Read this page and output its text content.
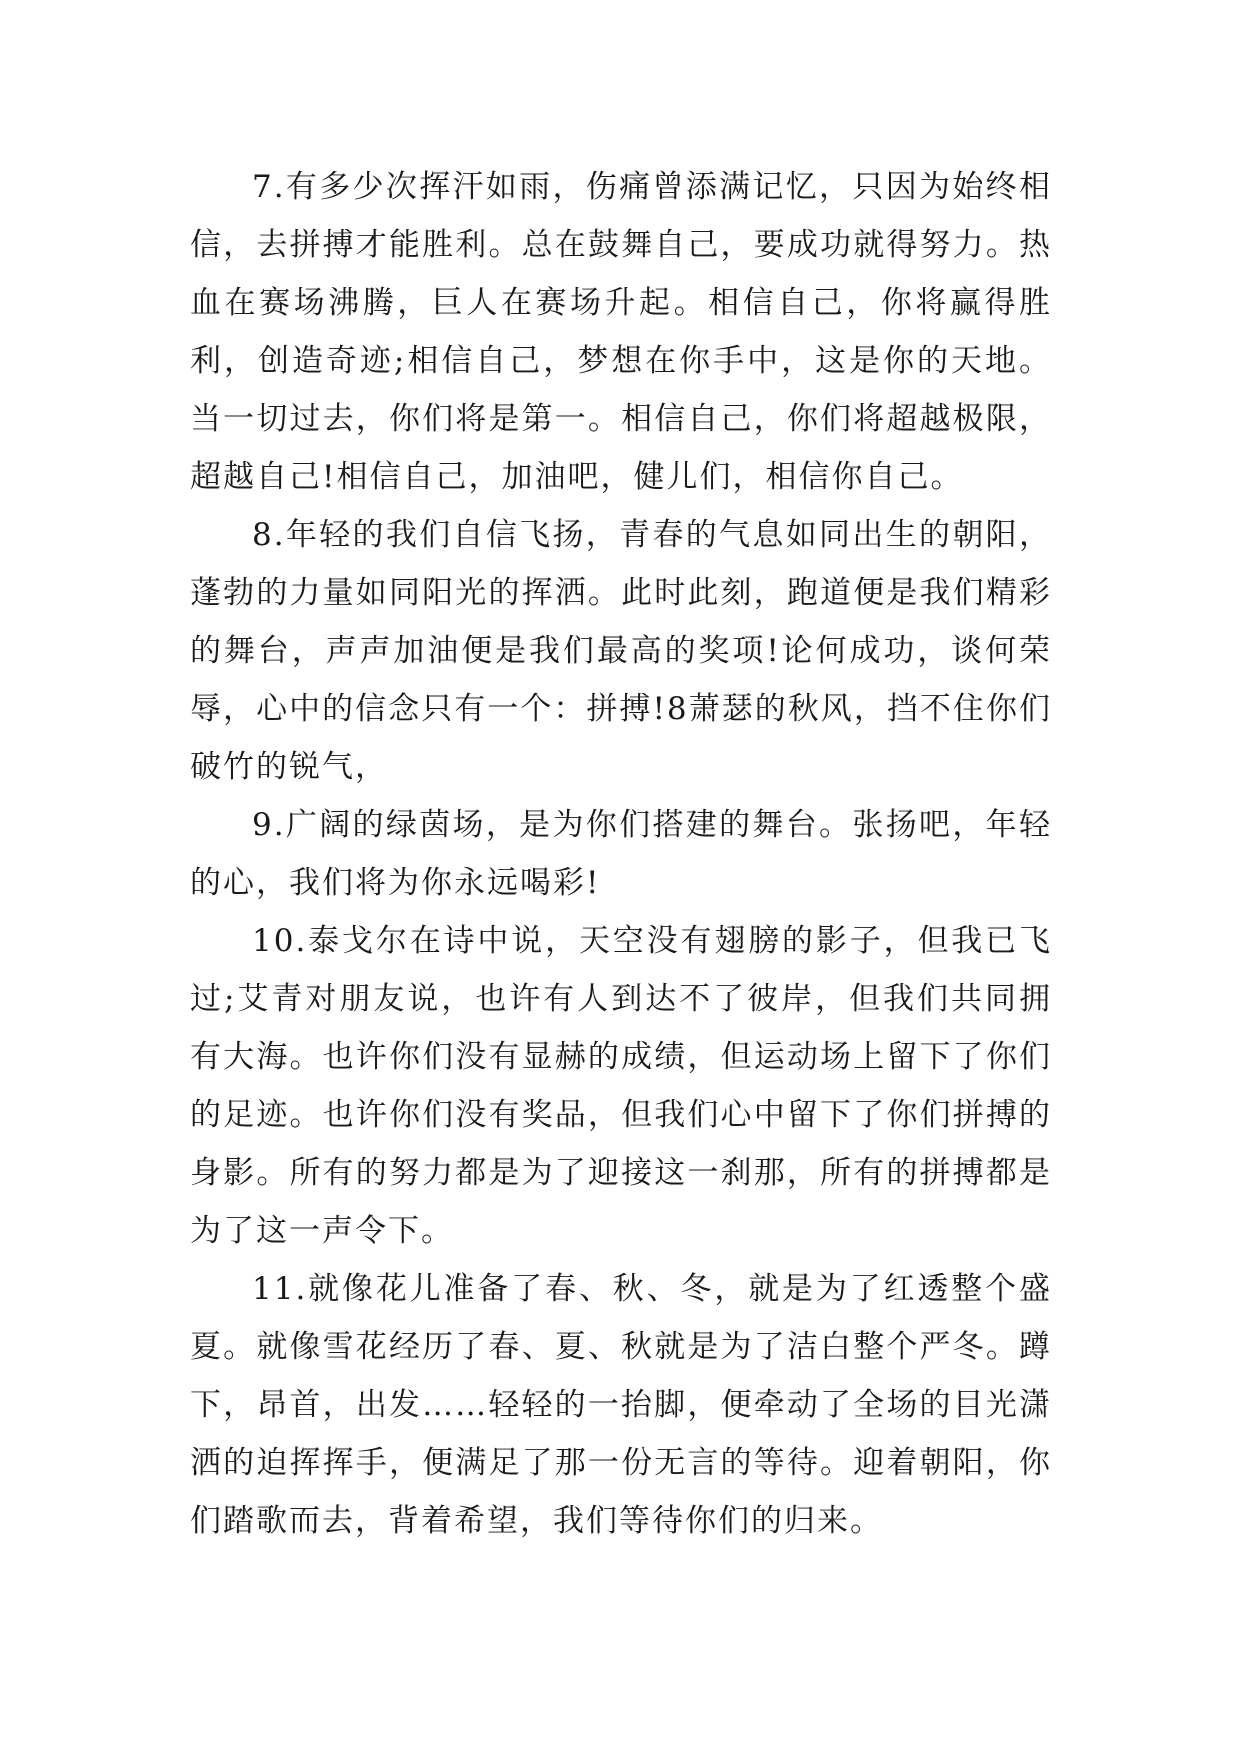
7.有多少次挥汗如雨，伤痛曾添满记忆，只因为始终相信，去拼搏才能胜利。总在鼓舞自己，要成功就得努力。热血在赛场沸腾，巨人在赛场升起。相信自己，你将赢得胜利，创造奇迹;相信自己，梦想在你手中，这是你的天地。当一切过去，你们将是第一。相信自己，你们将超越极限，超越自己!相信自己，加油吧，健儿们，相信你自己。

8.年轻的我们自信飞扬，青春的气息如同出生的朝阳，蓬勃的力量如同阳光的挥洒。此时此刻，跑道便是我们精彩的舞台，声声加油便是我们最高的奖项!论何成功，谈何荣辱，心中的信念只有一个：拼搏!8萧瑟的秋风，挡不住你们破竹的锐气，

9.广阔的绿茵场，是为你们搭建的舞台。张扬吧，年轻的心，我们将为你永远喝彩!

10.泰戈尔在诗中说，天空没有翅膀的影子，但我已飞过;艾青对朋友说，也许有人到达不了彼岸，但我们共同拥有大海。也许你们没有显赫的成绩，但运动场上留下了你们的足迹。也许你们没有奖品，但我们心中留下了你们拼搏的身影。所有的努力都是为了迎接这一刹那，所有的拼搏都是为了这一声令下。

11.就像花儿准备了春、秋、冬，就是为了红透整个盛夏。就像雪花经历了春、夏、秋就是为了洁白整个严冬。蹲下，昂首，出发……轻轻的一抬脚，便牵动了全场的目光潇洒的迫挥挥手，便满足了那一份无言的等待。迎着朝阳，你们踏歌而去，背着希望，我们等待你们的归来。
